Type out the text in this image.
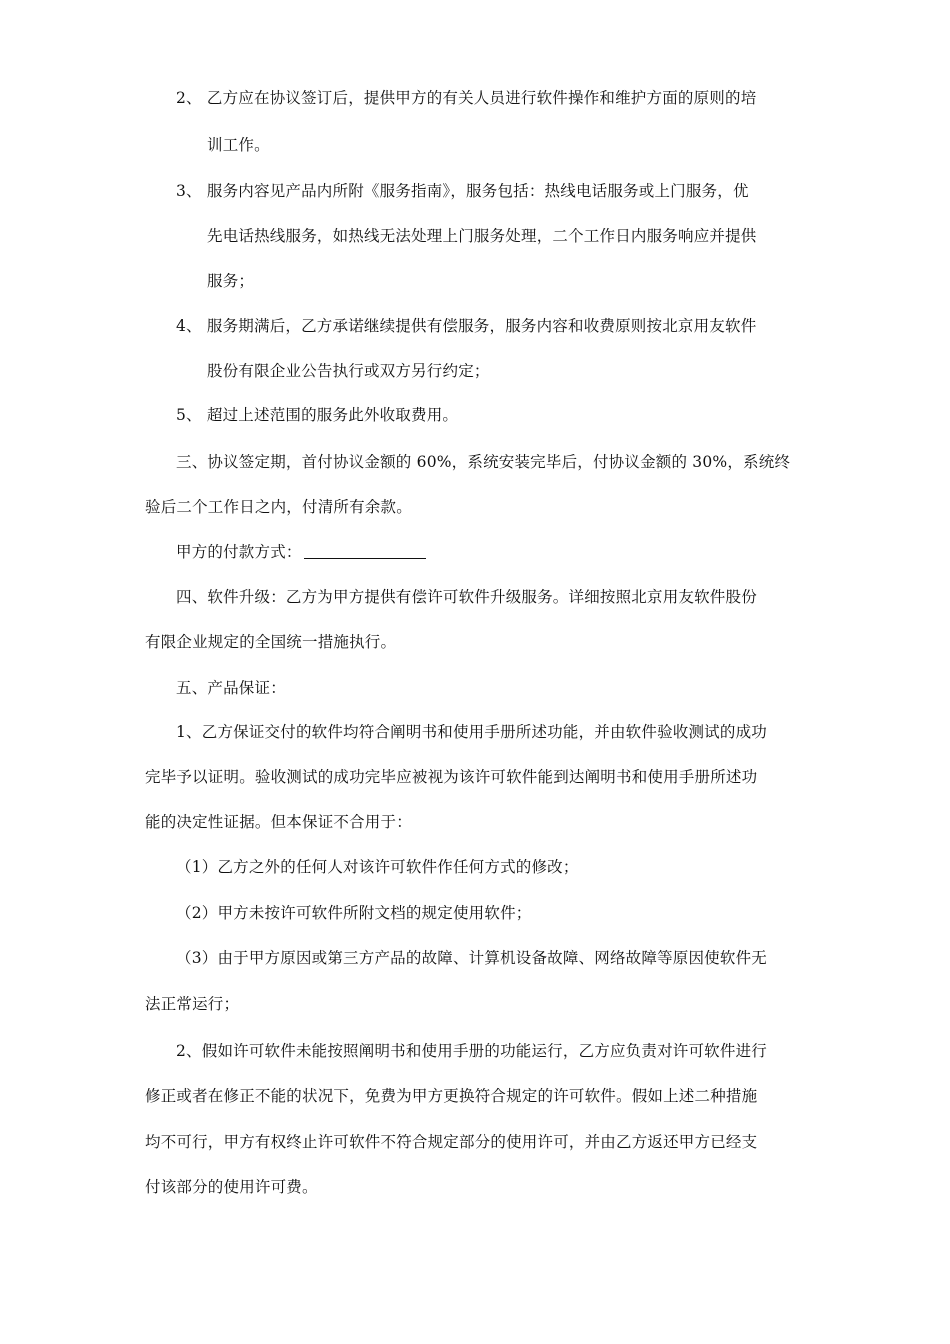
2、 乙方应在协议签订后，提供甲方的有关人员进行软件操作和维护方面的原则的培

训工作。

3、 服务内容见产品内所附《服务指南》，服务包括：热线电话服务或上门服务，优

先电话热线服务，如热线无法处理上门服务处理，二个工作日内服务响应并提供

服务；

4、 服务期满后，乙方承诺继续提供有偿服务，服务内容和收费原则按北京用友软件

股份有限企业公告执行或双方另行约定；

5、 超过上述范围的服务此外收取费用。

三、协议签定期，首付协议金额的 60%，系统安装完毕后，付协议金额的 30%，系统终

验后二个工作日之内，付清所有余款。

甲方的付款方式：

四、软件升级：乙方为甲方提供有偿许可软件升级服务。详细按照北京用友软件股份

有限企业规定的全国统一措施执行。

五、产品保证：

1、乙方保证交付的软件均符合阐明书和使用手册所述功能，并由软件验收测试的成功

完毕予以证明。验收测试的成功完毕应被视为该许可软件能到达阐明书和使用手册所述功

能的决定性证据。但本保证不合用于：

（1）乙方之外的任何人对该许可软件作任何方式的修改；

（2）甲方未按许可软件所附文档的规定使用软件；

（3）由于甲方原因或第三方产品的故障、计算机设备故障、网络故障等原因使软件无

法正常运行；

2、假如许可软件未能按照阐明书和使用手册的功能运行，乙方应负责对许可软件进行

修正或者在修正不能的状况下，免费为甲方更换符合规定的许可软件。假如上述二种措施

均不可行，甲方有权终止许可软件不符合规定部分的使用许可，并由乙方返还甲方已经支

付该部分的使用许可费。
